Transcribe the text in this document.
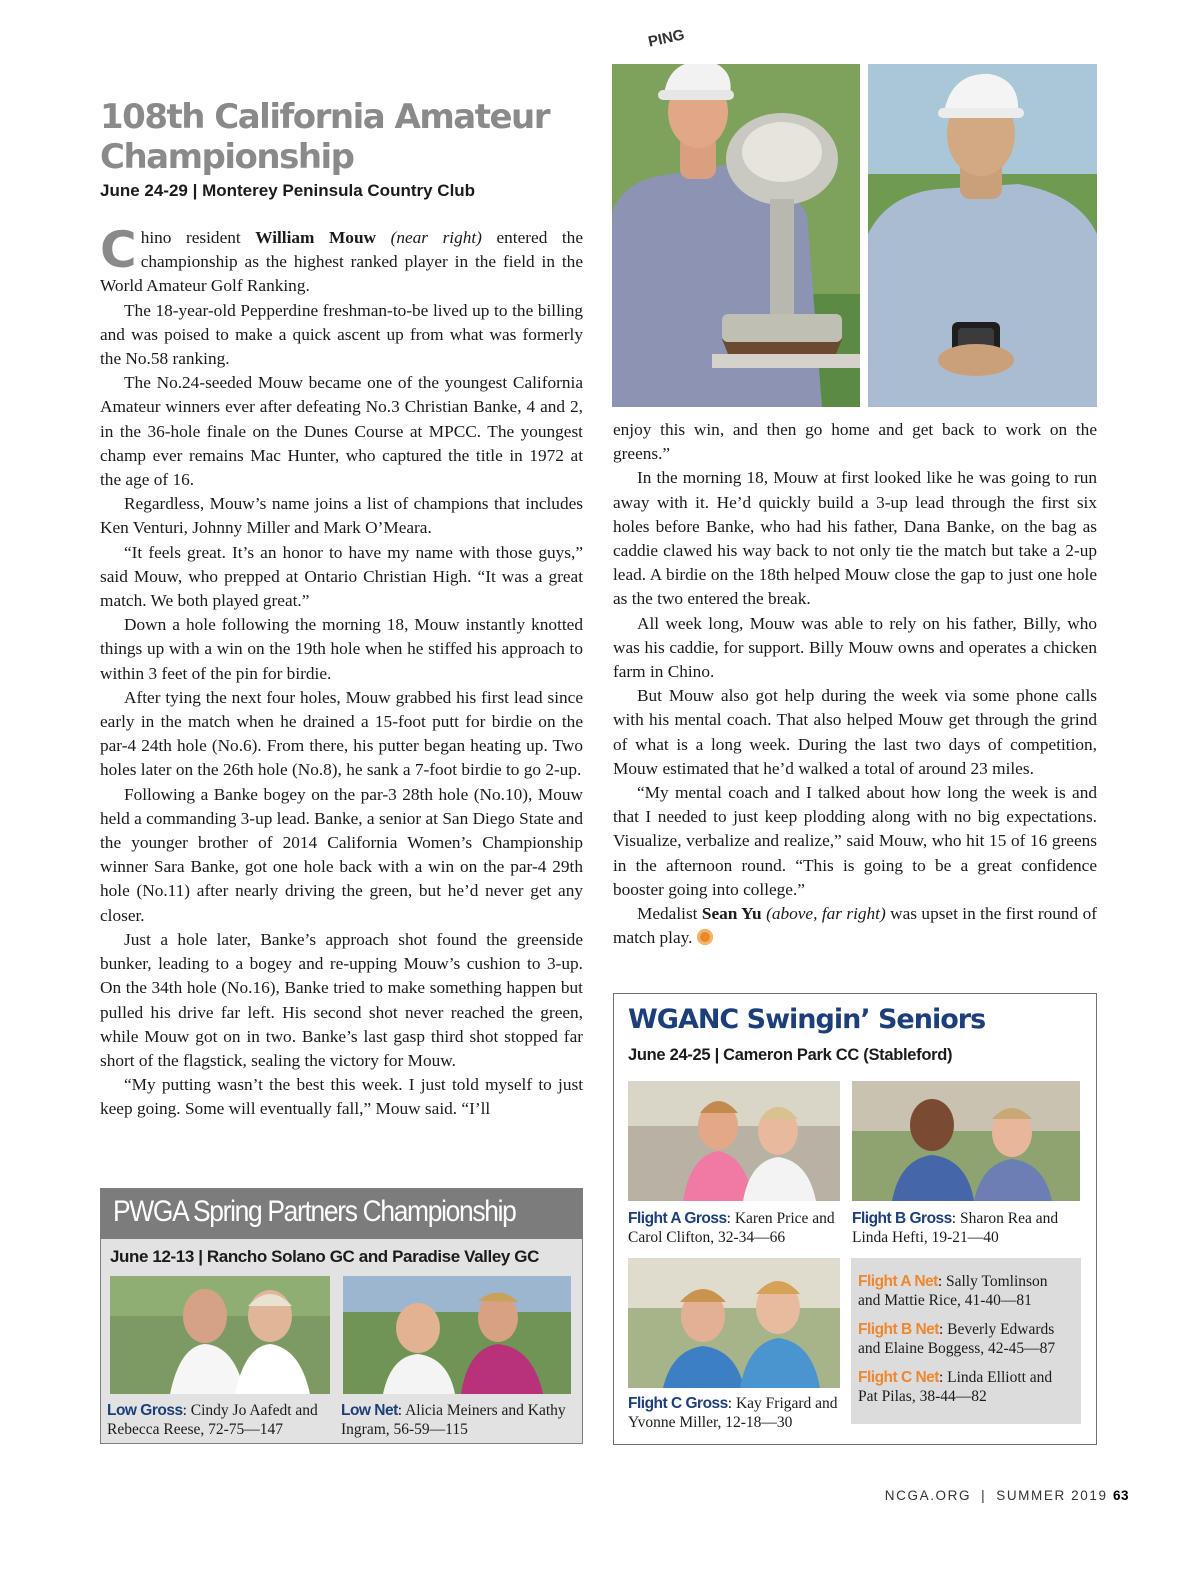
108th California Amateur Championship
June 24-29 | Monterey Peninsula Country Club

Chino resident William Mouw (near right) entered the championship as the highest ranked player in the field in the World Amateur Golf Ranking.

The 18-year-old Pepperdine freshman-to-be lived up to the billing and was poised to make a quick ascent up from what was formerly the No.58 ranking.

The No.24-seeded Mouw became one of the youngest California Amateur winners ever after defeating No.3 Christian Banke, 4 and 2, in the 36-hole finale on the Dunes Course at MPCC. The youngest champ ever remains Mac Hunter, who captured the title in 1972 at the age of 16.

Regardless, Mouw’s name joins a list of champions that includes Ken Venturi, Johnny Miller and Mark O’Meara.

“It feels great. It’s an honor to have my name with those guys,” said Mouw, who prepped at Ontario Christian High. “It was a great match. We both played great.”

Down a hole following the morning 18, Mouw instantly knotted things up with a win on the 19th hole when he stiffed his approach to within 3 feet of the pin for birdie.

After tying the next four holes, Mouw grabbed his first lead since early in the match when he drained a 15-foot putt for birdie on the par-4 24th hole (No.6). From there, his putter began heating up. Two holes later on the 26th hole (No.8), he sank a 7-foot birdie to go 2-up.

Following a Banke bogey on the par-3 28th hole (No.10), Mouw held a commanding 3-up lead. Banke, a senior at San Diego State and the younger brother of 2014 California Women’s Championship winner Sara Banke, got one hole back with a win on the par-4 29th hole (No.11) after nearly driving the green, but he’d never get any closer.

Just a hole later, Banke’s approach shot found the greenside bunker, leading to a bogey and re-upping Mouw’s cushion to 3-up. On the 34th hole (No.16), Banke tried to make something happen but pulled his drive far left. His second shot never reached the green, while Mouw got on in two. Banke’s last gasp third shot stopped far short of the flagstick, sealing the victory for Mouw.

“My putting wasn’t the best this week. I just told myself to just keep going. Some will eventually fall,” Mouw said. “I’ll

PING

enjoy this win, and then go home and get back to work on the greens.”

In the morning 18, Mouw at first looked like he was going to run away with it. He’d quickly build a 3-up lead through the first six holes before Banke, who had his father, Dana Banke, on the bag as caddie clawed his way back to not only tie the match but take a 2-up lead. A birdie on the 18th helped Mouw close the gap to just one hole as the two entered the break.

All week long, Mouw was able to rely on his father, Billy, who was his caddie, for support. Billy Mouw owns and operates a chicken farm in Chino.

But Mouw also got help during the week via some phone calls with his mental coach. That also helped Mouw get through the grind of what is a long week. During the last two days of competition, Mouw estimated that he’d walked a total of around 23 miles.

“My mental coach and I talked about how long the week is and that I needed to just keep plodding along with no big expectations. Visualize, verbalize and realize,” said Mouw, who hit 15 of 16 greens in the afternoon round. “This is going to be a great confidence booster going into college.”

Medalist Sean Yu (above, far right) was upset in the first round of match play.

PWGA Spring Partners Championship
June 12-13 | Rancho Solano GC and Paradise Valley GC
Low Gross: Cindy Jo Aafedt and Rebecca Reese, 72-75—147
Low Net: Alicia Meiners and Kathy Ingram, 56-59—115
WGANC Swingin’ Seniors
June 24-25 | Cameron Park CC (Stableford)
Flight A Gross: Karen Price and Carol Clifton, 32-34—66
Flight B Gross: Sharon Rea and Linda Hefti, 19-21—40
Flight C Gross: Kay Frigard and Yvonne Miller, 12-18—30
Flight A Net: Sally Tomlinson and Mattie Rice, 41-40—81
Flight B Net: Beverly Edwards and Elaine Boggess, 42-45—87
Flight C Net: Linda Elliott and Pat Pilas, 38-44—82
NCGA.ORG | SUMMER 2019 63
